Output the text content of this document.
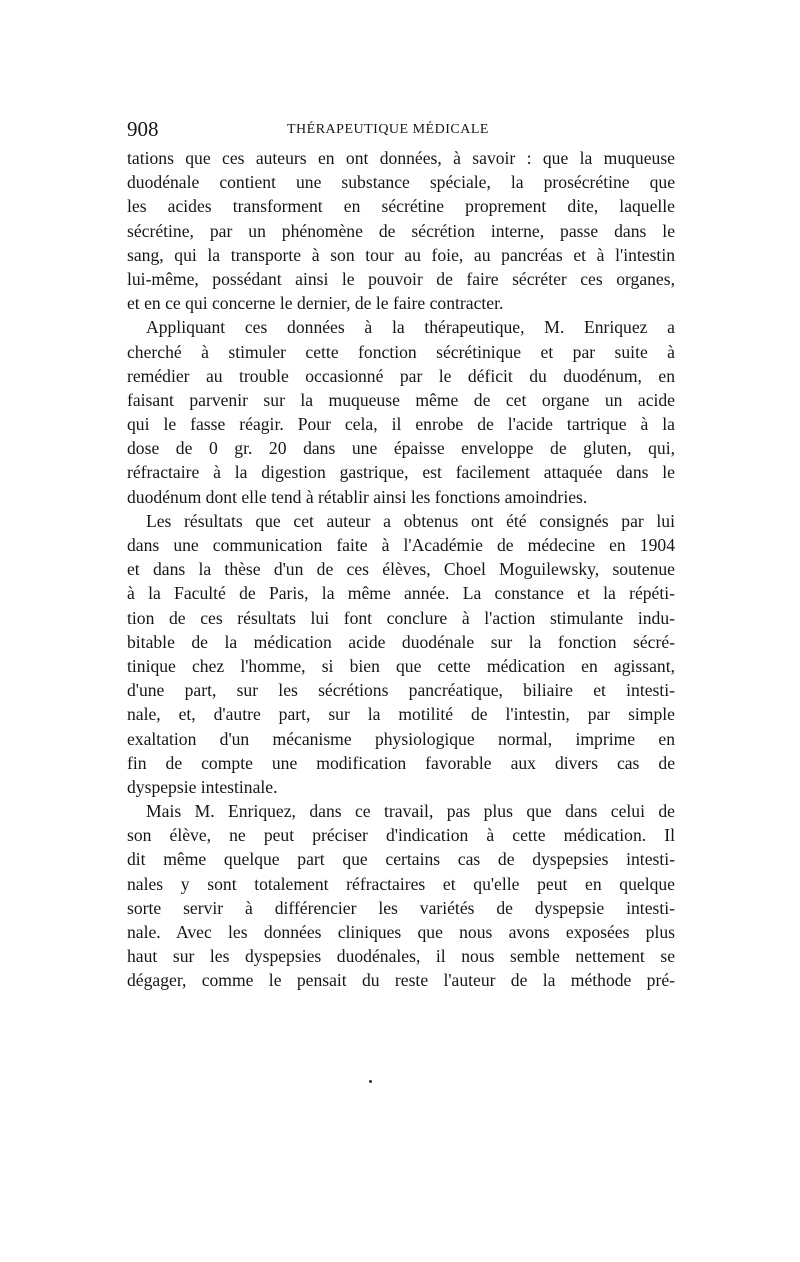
908	THÉRAPEUTIQUE MÉDICALE
tations que ces auteurs en ont données, à savoir : que la muqueuse
duodénale contient une substance spéciale, la prosécrétine que
les acides transforment en sécrétine proprement dite, laquelle
sécrétine, par un phénomène de sécrétion interne, passe dans le
sang, qui la transporte à son tour au foie, au pancréas et à l'intestin
lui-même, possédant ainsi le pouvoir de faire sécréter ces organes,
et en ce qui concerne le dernier, de le faire contracter.
Appliquant ces données à la thérapeutique, M. Enriquez a
cherché à stimuler cette fonction sécrétinique et par suite à
remédier au trouble occasionné par le déficit du duodénum, en
faisant parvenir sur la muqueuse même de cet organe un acide
qui le fasse réagir. Pour cela, il enrobe de l'acide tartrique à la
dose de 0 gr. 20 dans une épaisse enveloppe de gluten, qui,
réfractaire à la digestion gastrique, est facilement attaquée dans le
duodénum dont elle tend à rétablir ainsi les fonctions amoindries.
Les résultats que cet auteur a obtenus ont été consignés par lui
dans une communication faite à l'Académie de médecine en 1904
et dans la thèse d'un de ces élèves, Choel Moguilewsky, soutenue
à la Faculté de Paris, la même année. La constance et la répéti-
tion de ces résultats lui font conclure à l'action stimulante indu-
bitable de la médication acide duodénale sur la fonction sécré-
tinique chez l'homme, si bien que cette médication en agissant,
d'une part, sur les sécrétions pancréatique, biliaire et intesti-
nale, et, d'autre part, sur la motilité de l'intestin, par simple
exaltation d'un mécanisme physiologique normal, imprime en
fin de compte une modification favorable aux divers cas de
dyspepsie intestinale.
Mais M. Enriquez, dans ce travail, pas plus que dans celui de
son élève, ne peut préciser d'indication à cette médication. Il
dit même quelque part que certains cas de dyspepsies intesti-
nales y sont totalement réfractaires et qu'elle peut en quelque
sorte servir à différencier les variétés de dyspepsie intesti-
nale. Avec les données cliniques que nous avons exposées plus
haut sur les dyspepsies duodénales, il nous semble nettement se
dégager, comme le pensait du reste l'auteur de la méthode pré-
